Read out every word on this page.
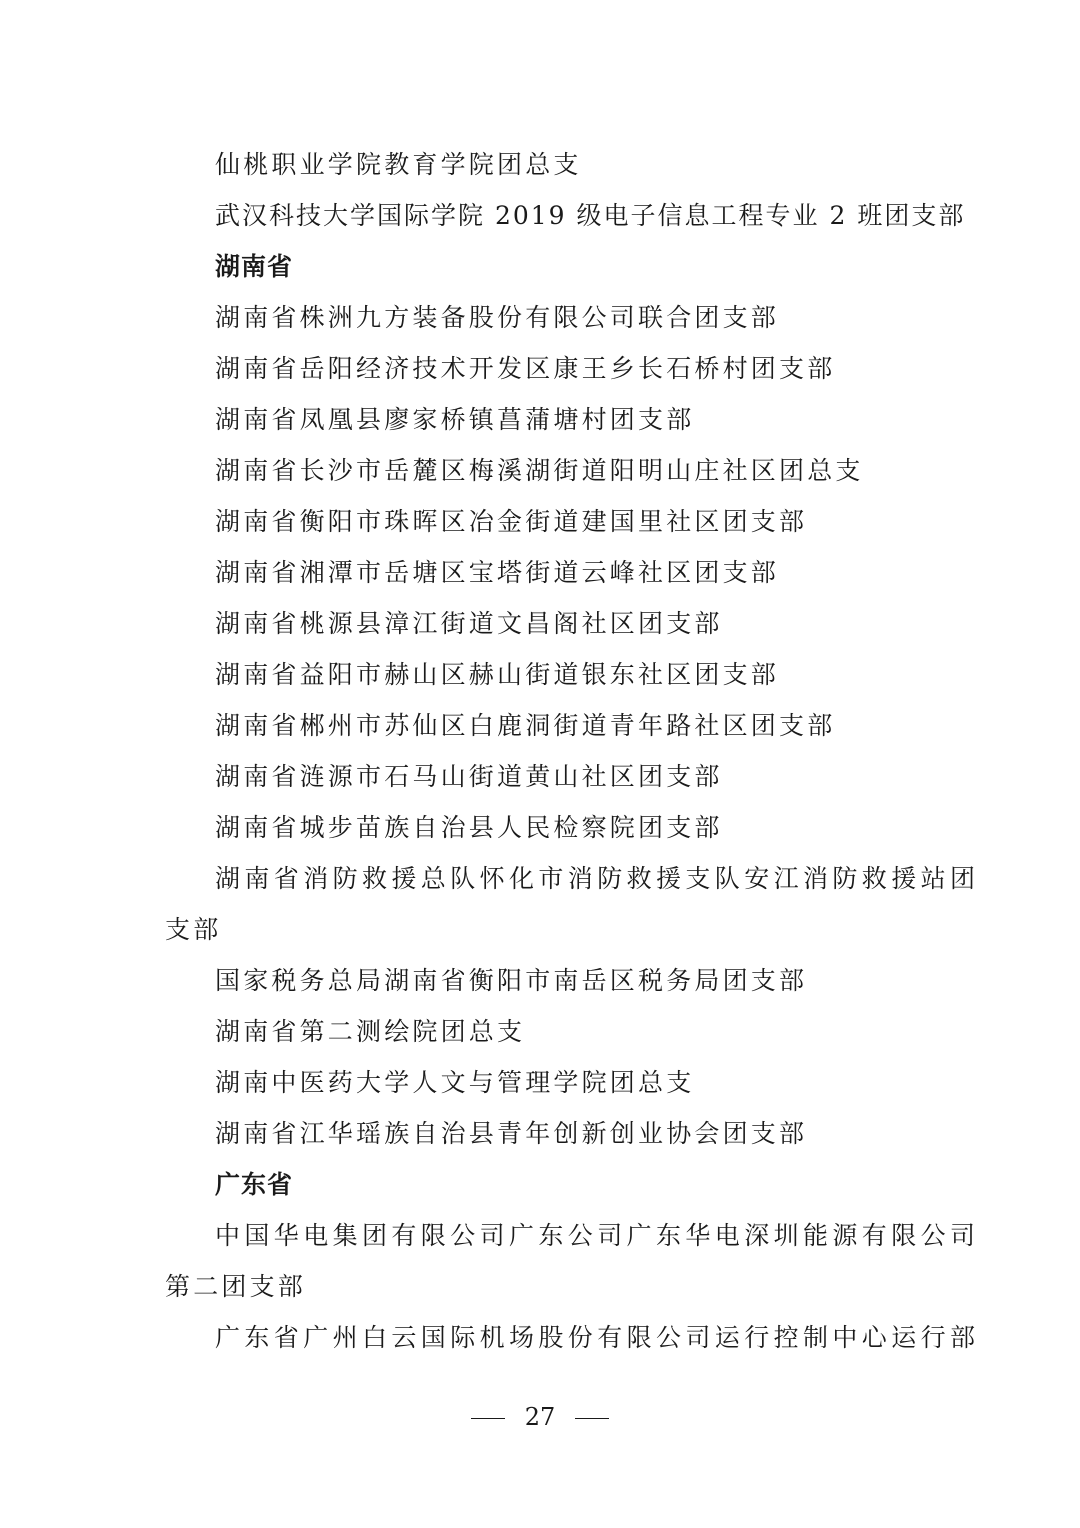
仙桃职业学院教育学院团总支
武汉科技大学国际学院 2019 级电子信息工程专业 2 班团支部
湖南省
湖南省株洲九方装备股份有限公司联合团支部
湖南省岳阳经济技术开发区康王乡长石桥村团支部
湖南省凤凰县廖家桥镇菖蒲塘村团支部
湖南省长沙市岳麓区梅溪湖街道阳明山庄社区团总支
湖南省衡阳市珠晖区冶金街道建国里社区团支部
湖南省湘潭市岳塘区宝塔街道云峰社区团支部
湖南省桃源县漳江街道文昌阁社区团支部
湖南省益阳市赫山区赫山街道银东社区团支部
湖南省郴州市苏仙区白鹿洞街道青年路社区团支部
湖南省涟源市石马山街道黄山社区团支部
湖南省城步苗族自治县人民检察院团支部
湖南省消防救援总队怀化市消防救援支队安江消防救援站团
支部
国家税务总局湖南省衡阳市南岳区税务局团支部
湖南省第二测绘院团总支
湖南中医药大学人文与管理学院团总支
湖南省江华瑶族自治县青年创新创业协会团支部
广东省
中国华电集团有限公司广东公司广东华电深圳能源有限公司
第二团支部
广东省广州白云国际机场股份有限公司运行控制中心运行部
27
